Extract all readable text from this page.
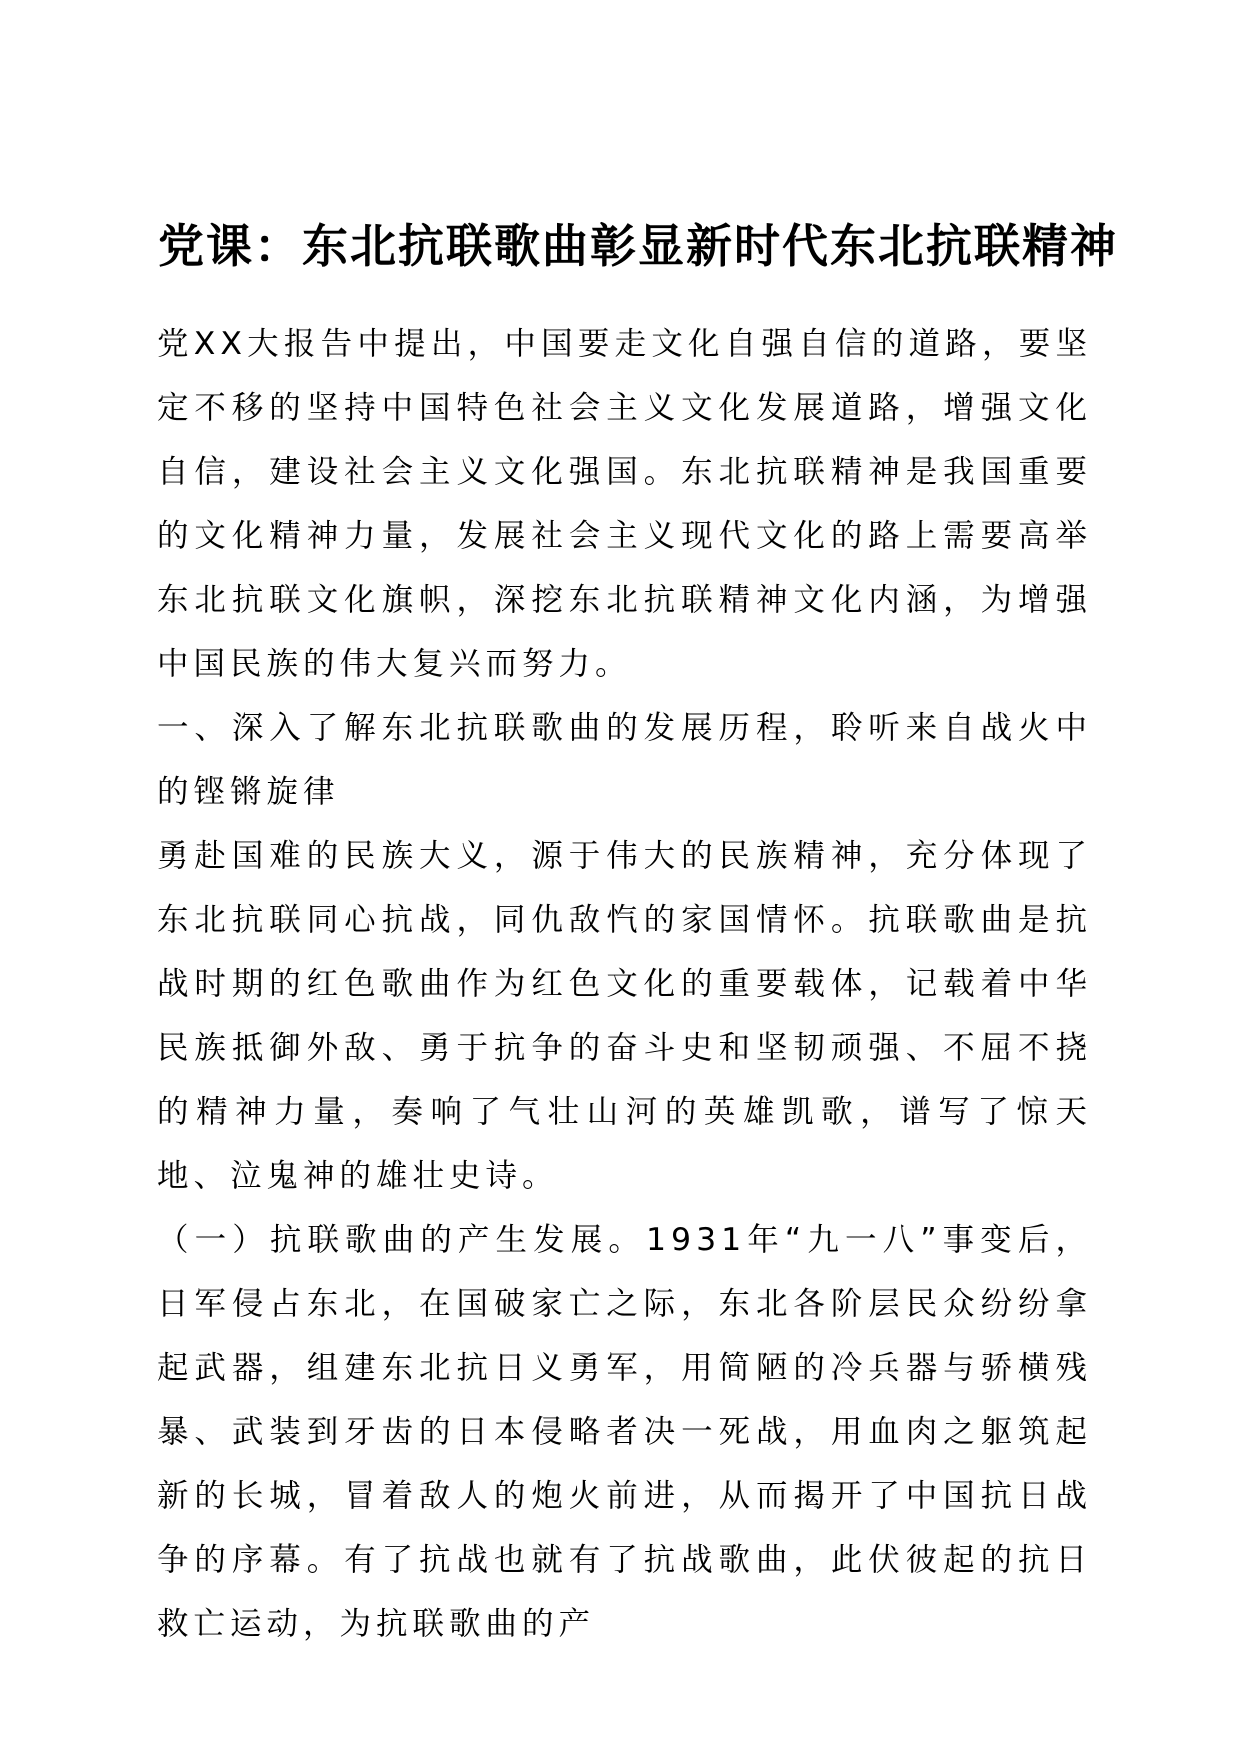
党课：东北抗联歌曲彰显新时代东北抗联精神

党XX大报告中提出，中国要走文化自强自信的道路，要坚定不移的坚持中国特色社会主义文化发展道路，增强文化自信，建设社会主义文化强国。东北抗联精神是我国重要的文化精神力量，发展社会主义现代文化的路上需要高举东北抗联文化旗帜，深挖东北抗联精神文化内涵，为增强中国民族的伟大复兴而努力。

一、深入了解东北抗联歌曲的发展历程，聆听来自战火中的铿锵旋律

勇赴国难的民族大义，源于伟大的民族精神，充分体现了东北抗联同心抗战，同仇敌忾的家国情怀。抗联歌曲是抗战时期的红色歌曲作为红色文化的重要载体，记载着中华民族抵御外敌、勇于抗争的奋斗史和坚韧顽强、不屈不挠的精神力量，奏响了气壮山河的英雄凯歌，谱写了惊天地、泣鬼神的雄壮史诗。

（一）抗联歌曲的产生发展。1931年“九一八”事变后，日军侵占东北，在国破家亡之际，东北各阶层民众纷纷拿起武器，组建东北抗日义勇军，用简陋的冷兵器与骄横残暴、武装到牙齿的日本侵略者决一死战，用血肉之躯筑起新的长城，冒着敌人的炮火前进，从而揭开了中国抗日战争的序幕。有了抗战也就有了抗战歌曲，此伏彼起的抗日救亡运动，为抗联歌曲的产
